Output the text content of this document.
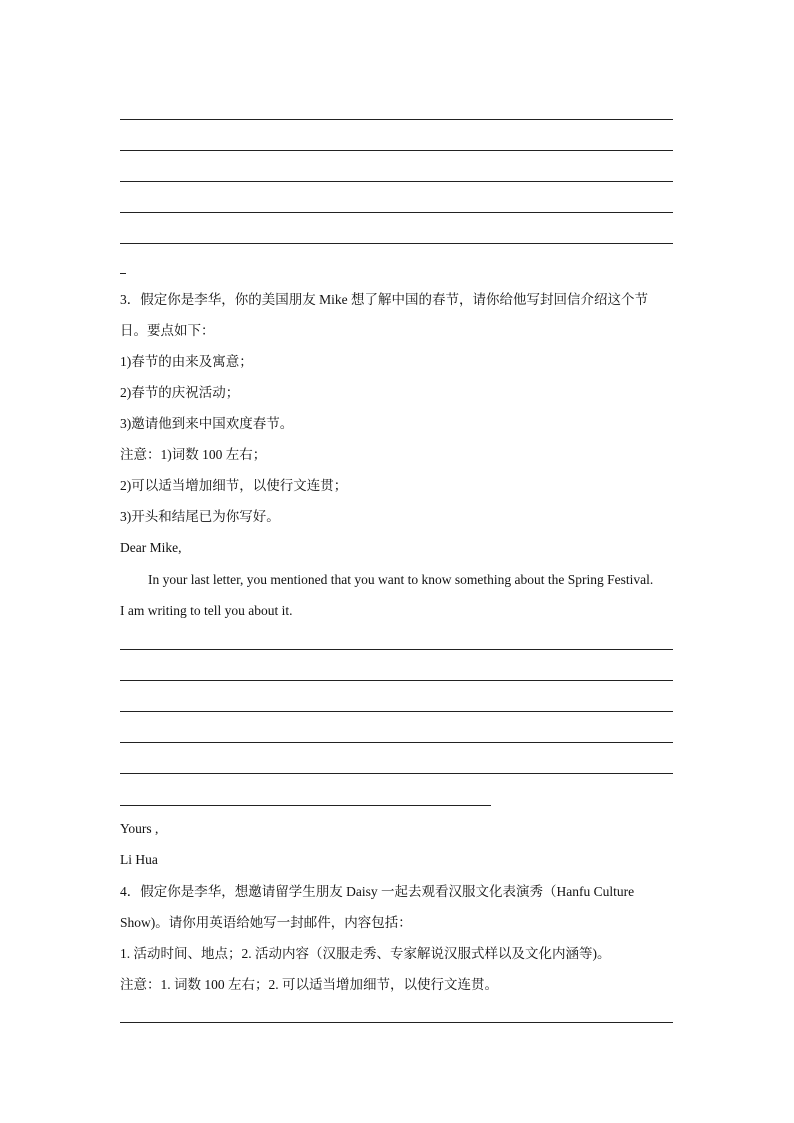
3．假定你是李华，你的美国朋友 Mike 想了解中国的春节，请你给他写封回信介绍这个节
日。要点如下：
1)春节的由来及寓意；
2)春节的庆祝活动；
3)邀请他到来中国欢度春节。
注意：1)词数 100 左右；
2)可以适当增加细节，以使行文连贯；
3)开头和结尾已为你写好。
Dear Mike,
In your last letter, you mentioned that you want to know something about the Spring Festival.
I am writing to tell you about it.
Yours ,
Li Hua
4．假定你是李华，想邀请留学生朋友 Daisy 一起去观看汉服文化表演秀（Hanfu Culture
Show)。请你用英语给她写一封邮件，内容包括：
1. 活动时间、地点；2. 活动内容（汉服走秀、专家解说汉服式样以及文化内涵等)。
注意：1. 词数 100 左右；2. 可以适当增加细节，以使行文连贯。
